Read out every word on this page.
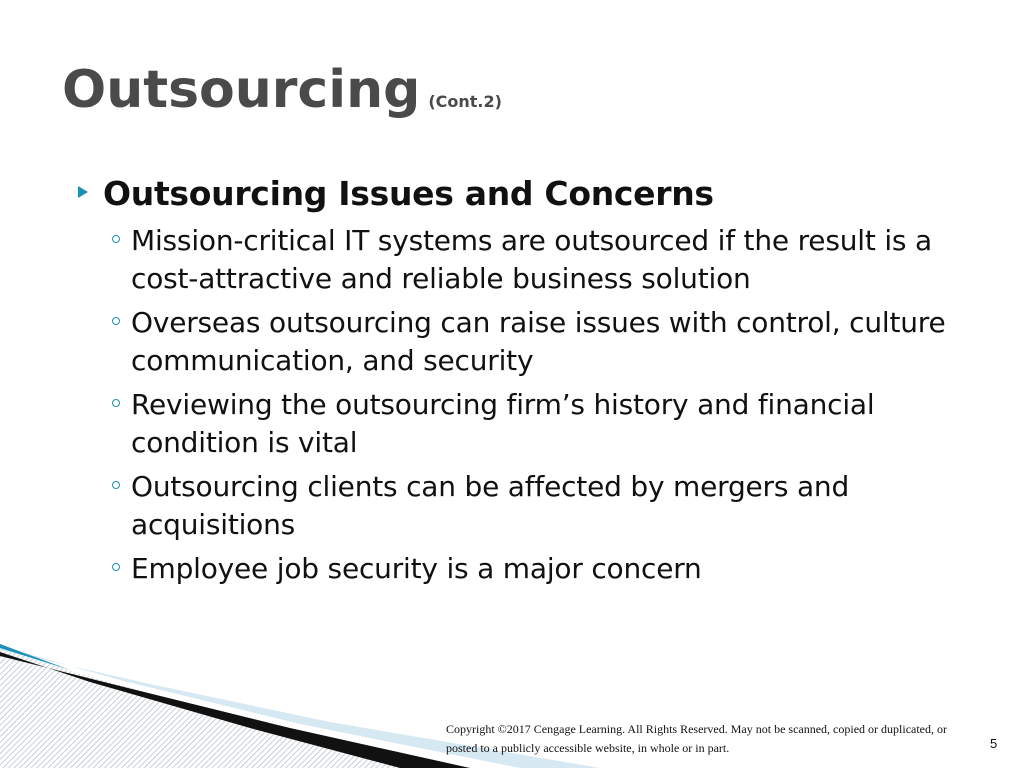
Outsourcing (Cont.2)
Outsourcing Issues and Concerns
Mission-critical IT systems are outsourced if the result is a cost-attractive and reliable business solution
Overseas outsourcing can raise issues with control, culture communication, and security
Reviewing the outsourcing firm’s history and financial condition is vital
Outsourcing clients can be affected by mergers and acquisitions
Employee job security is a major concern
Copyright ©2017 Cengage Learning. All Rights Reserved. May not be scanned, copied or duplicated, or posted to a publicly accessible website, in whole or in part.	5
